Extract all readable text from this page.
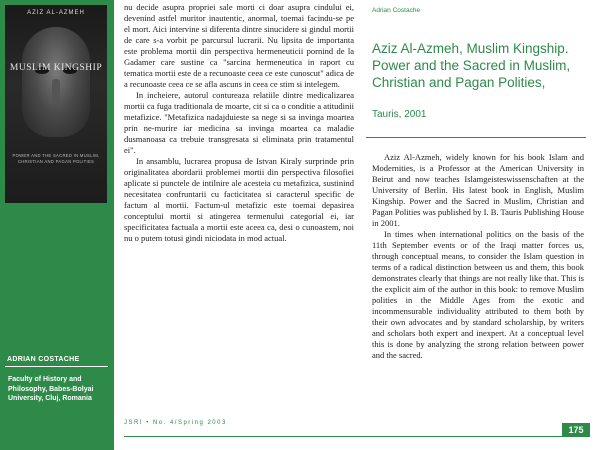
AZIZ AL-AZMEH
MUSLIM KINGSHIP
POWER AND THE SACRED IN MUSLIM, CHRISTIAN AND PAGAN POLITIES
ADRIAN COSTACHE
Faculty of History and
Philosophy, Babes-Bolyai
University, Cluj, Romania

nu decide asupra propriei sale morti ci doar asupra cindului ei, devenind astfel muritor inautentic, anormal, toemai facindu-se pe el mort. Aici intervine si diferenta dintre sinucidere si gindul mortii de care s-a vorbit pe parcursul lucrarii. Nu lipsita de importanta este problema mortii din perspectiva hermeneuticii pornind de la Gadamer care sustine ca "sarcina hermeneutica in raport cu tematica mortii este de a recunoaste ceea ce este cunoscut" adica de a recunoaste ceea ce se afla ascuns in ceea ce stim si intelegem.

In incheiere, autorul contureaza relatiile dintre medicalizarea mortii ca fuga traditionala de moarte, cit si ca o conditie a atitudinii metafizice. "Metafizica nadajduieste sa nege si sa invinga moartea prin ne-murire iar medicina sa invinga moartea ca maladie dusmanoasa ca trebuie transgresata si eliminata prin tratamentul ei".

In ansamblu, lucrarea propusa de Istvan Kiraly surprinde prin originalitatea abordarii problemei mortii din perspectiva filosofiei aplicate si punctele de intilnire ale acesteia cu metafizica, sustinind necesitatea confruntarii cu facticitatea si caracterul specific de factum al mortii. Factum-ul metafizic este toemai depasirea conceptului mortii si atingerea termenului categorial ei, iar specificitatea factuala a mortii este aceea ca, desi o cunoastem, noi nu o putem totusi gindi niciodata in mod actual.

JSRI • No. 4/Spring 2003
Adrian Costache
Aziz Al-Azmeh, Muslim Kingship. Power and the Sacred in Muslim, Christian and Pagan Polities,
Tauris, 2001

Aziz Al-Azmeh, widely known for his book Islam and Modernities, is a Professor at the American University in Beirut and now teaches Islamgeisteswissenschaften at the University of Berlin. His latest book in English, Muslim Kingship. Power and the Sacred in Muslim, Christian and Pagan Polities was published by I. B. Tauris Publishing House in 2001.

In times when international politics on the basis of the 11th September events or of the Iraqi matter forces us, through conceptual means, to consider the Islam question in terms of a radical distinction between us and them, this book demonstrates clearly that things are not really like that. This is the explicit aim of the author in this book: to remove Muslim polities in the Middle Ages from the exotic and incommensurable individuality attributed to them both by their own advocates and by standard scholarship, by writers and scholars both expert and inexpert. At a conceptual level this is done by analyzing the strong relation between power and the sacred.

175
